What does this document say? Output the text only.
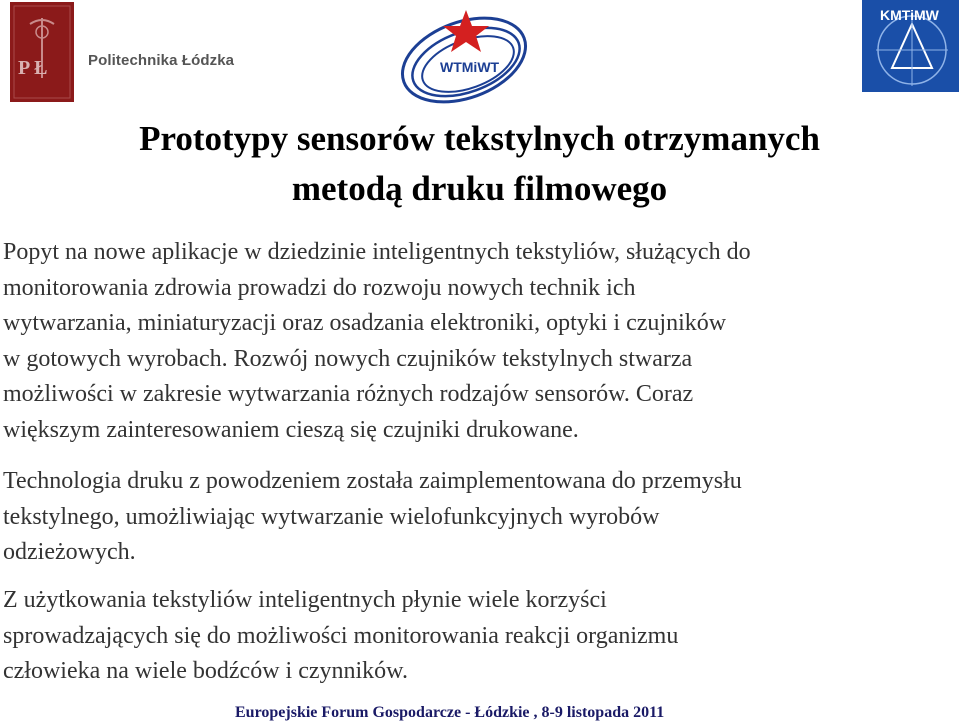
P Ł	Politechnika Łódzka	WTMiWT
KMTiMW
Prototypy sensorów tekstylnych otrzymanych
metodą druku filmowego

Popyt na nowe aplikacje w dziedzinie inteligentnych tekstyliów, służących do
monitorowania zdrowia prowadzi do rozwoju nowych technik ich
wytwarzania, miniaturyzacji oraz osadzania elektroniki, optyki i czujników
w gotowych wyrobach. Rozwój nowych czujników tekstylnych stwarza
możliwości w zakresie wytwarzania różnych rodzajów sensorów. Coraz
większym zainteresowaniem cieszą się czujniki drukowane.

Technologia druku z powodzeniem została zaimplementowana do przemysłu
tekstylnego, umożliwiając wytwarzanie wielofunkcyjnych wyrobów
odzieżowych.

Z użytkowania tekstyliów inteligentnych płynie wiele korzyści
sprowadzających się do możliwości monitorowania reakcji organizmu
człowieka na wiele bodźców i czynników.

Europejskie Forum Gospodarcze - Łódzkie , 8-9 listopada 2011
